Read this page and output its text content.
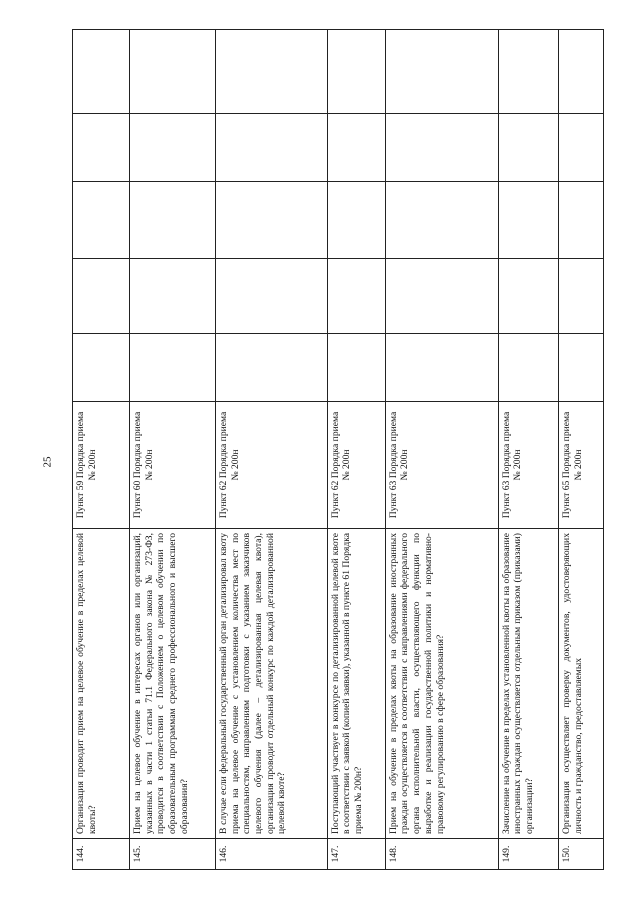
25
144.	Организация проводит прием на целевое обучение в пределах целевой квоты?	Пункт 59 Порядка приема № 200н					
145.	Прием на целевое обучение в интересах органов или организаций, указанных в части 1 статьи 71.1 Федерального закона № 273-ФЗ, проводится в соответствии с Положением о целевом обучении по образовательным программам среднего профессионального и высшего образования?	Пункт 60 Порядка приема № 200н					
146.	В случае если федеральный государственный орган детализировал квоту приема на целевое обучение с установлением количества мест по специальностям, направлениям подготовки с указанием заказчиков целевого обучения (далее – детализированная целевая квота), организация проводит отдельный конкурс по каждой детализированной целевой квоте?	Пункт 62 Порядка приема № 200н					
147.	Поступающий участвует в конкурсе по детализированной целевой квоте в соответствии с заявкой (копией заявки), указанной в пункте 61 Порядка приема № 200н?	Пункт 62 Порядка приема № 200н					
148.	Прием на обучение в пределах квоты на образование иностранных граждан осуществляется в соответствии с направлениями федерального органа исполнительной власти, осуществляющего функции по выработке и реализации государственной политики и нормативно-правовому регулированию в сфере образования?	Пункт 63 Порядка приема № 200н					
149.	Зачисление на обучение в пределах установленной квоты на образование иностранных граждан осуществляется отдельным приказом (приказами) организации?	Пункт 63 Порядка приема № 200н					
150.	Организация осуществляет проверку документов, удостоверяющих личность и гражданство, предоставляемых	Пункт 65 Порядка приема № 200н					
